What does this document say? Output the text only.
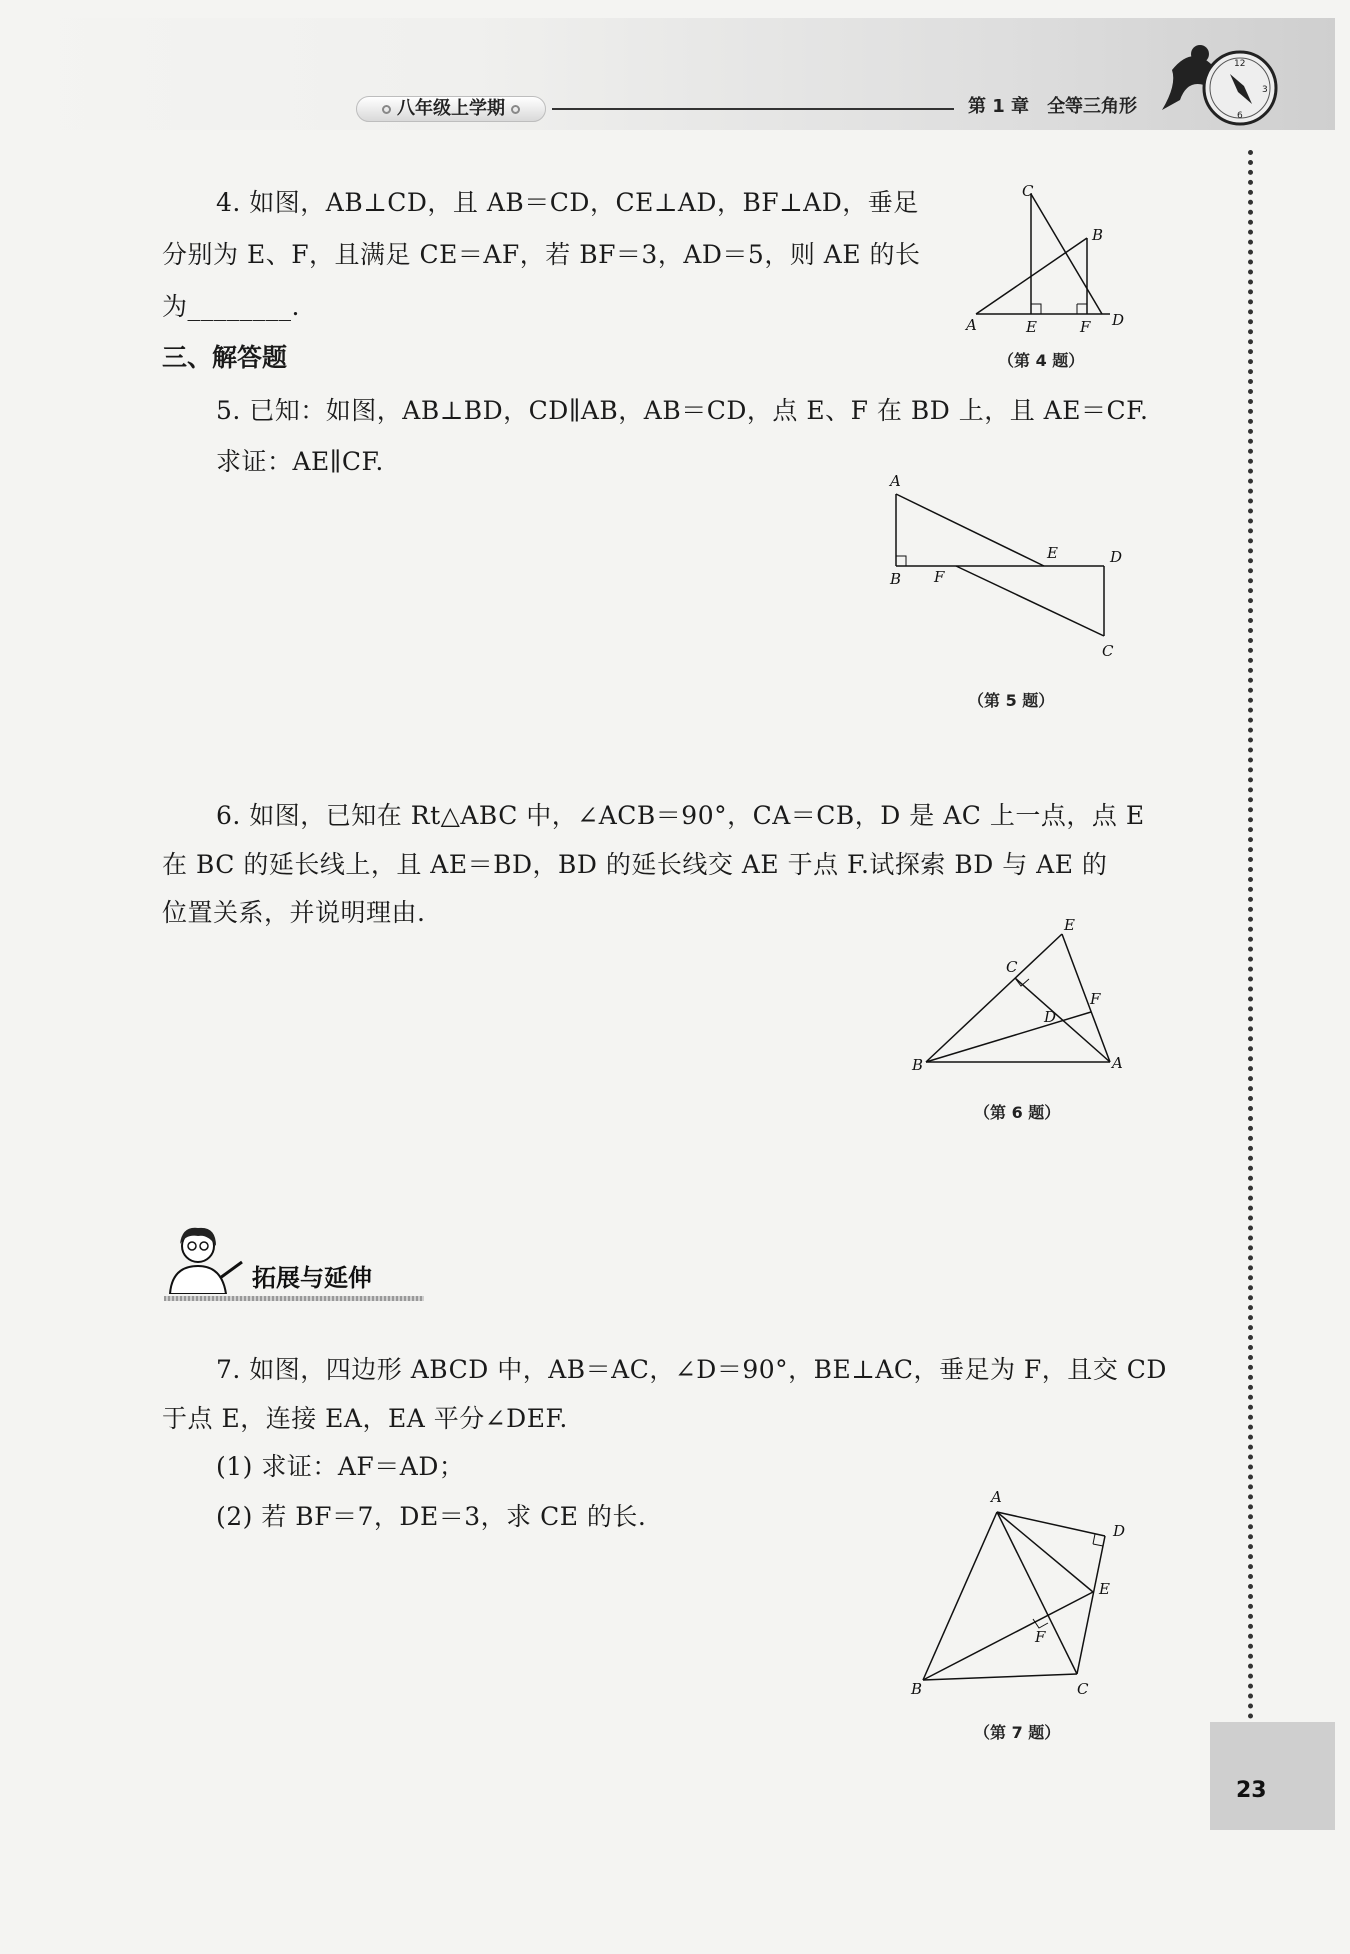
八年级上学期	第 1 章 全等三角形
12
3
6
23
4. 如图，AB⊥CD，且 AB＝CD，CE⊥AD，BF⊥AD，垂足
分别为 E、F，且满足 CE＝AF，若 BF＝3，AD＝5，则 AE 的长
为________.
C
B
A	E	F D
（第 4 题）
三、解答题
5. 已知：如图，AB⊥BD，CD∥AB，AB＝CD，点 E、F 在 BD 上，且 AE＝CF.
求证：AE∥CF.
A
B F
E	D
C
（第 5 题）
6. 如图，已知在 Rt△ABC 中，∠ACB＝90°，CA＝CB，D 是 AC 上一点，点 E
在 BC 的延长线上，且 AE＝BD，BD 的延长线交 AE 于点 F.试探索 BD 与 AE 的
位置关系，并说明理由.	E
C
F
D
B	A
（第 6 题）
拓展与延伸
7. 如图，四边形 ABCD 中，AB＝AC，∠D＝90°，BE⊥AC，垂足为 F，且交 CD
于点 E，连接 EA，EA 平分∠DEF.
(1) 求证：AF＝AD；
(2) 若 BF＝7，DE＝3，求 CE 的长.
A
D
E
F
B	C
（第 7 题）
